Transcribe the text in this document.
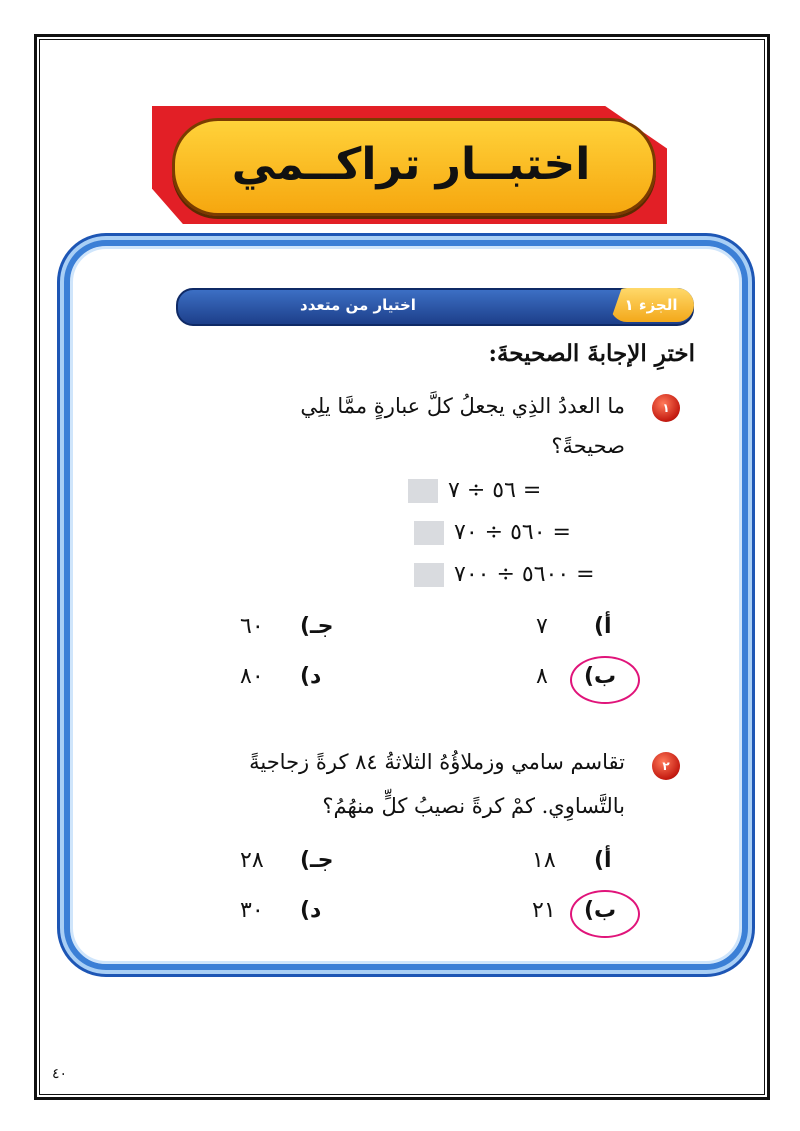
اختبــار تراكــمي
الجزء ١
اختيار من متعدد
اخترِ الإجابةَ الصحيحةَ:
١
ما العددُ الذِي يجعلُ كلَّ عبارةٍ ممَّا يلِي
صحيحةً؟
٥٦ ÷ ٧ =
٥٦٠ ÷ ٧٠ =
٥٦٠٠ ÷ ٧٠٠ =
أ)
٧
جـ)
٦٠
ب)
٨
د)
٨٠
٢
تقاسم سامي وزملاؤُهُ الثلاثةُ ٨٤ كرةً زجاجيةً
بالتَّساوِي. كمْ كرةً نصيبُ كلٍّ منهُمُ؟
أ)
١٨
جـ)
٢٨
ب)
٢١
د)
٣٠
٤٠
